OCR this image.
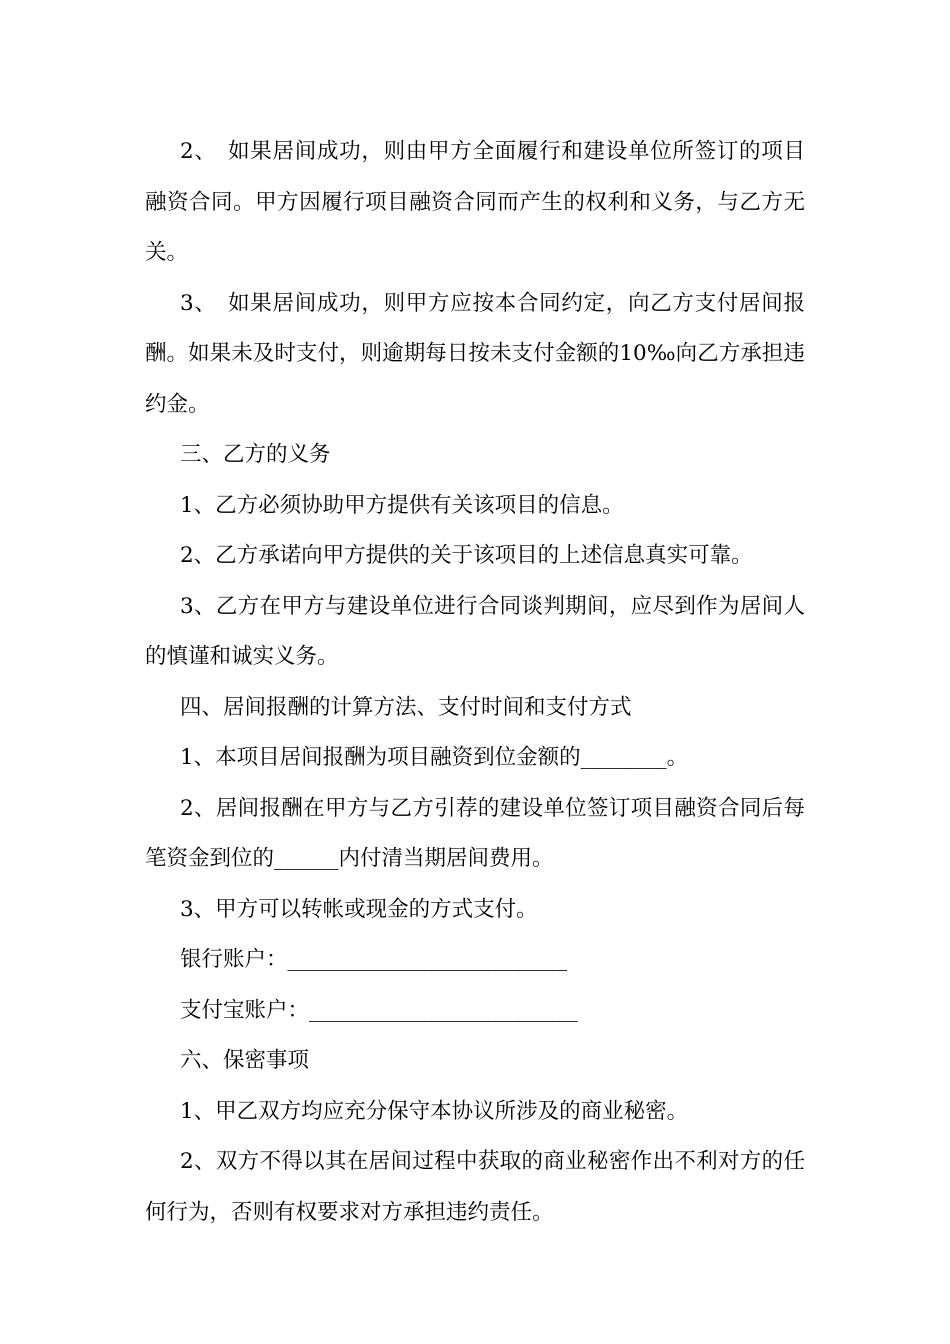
2、　如果居间成功，则由甲方全面履行和建设单位所签订的项目融资合同。甲方因履行项目融资合同而产生的权利和义务，与乙方无关。

3、　如果居间成功，则甲方应按本合同约定，向乙方支付居间报酬。如果未及时支付，则逾期每日按未支付金额的10‰向乙方承担违约金。

三、乙方的义务

1、乙方必须协助甲方提供有关该项目的信息。

2、乙方承诺向甲方提供的关于该项目的上述信息真实可靠。

3、乙方在甲方与建设单位进行合同谈判期间，应尽到作为居间人的慎谨和诚实义务。

四、居间报酬的计算方法、支付时间和支付方式

1、本项目居间报酬为项目融资到位金额的________。

2、居间报酬在甲方与乙方引荐的建设单位签订项目融资合同后每笔资金到位的______内付清当期居间费用。

3、甲方可以转帐或现金的方式支付。

银行账户：__________________________

支付宝账户：_________________________

六、保密事项

1、甲乙双方均应充分保守本协议所涉及的商业秘密。

2、双方不得以其在居间过程中获取的商业秘密作出不利对方的任何行为，否则有权要求对方承担违约责任。
